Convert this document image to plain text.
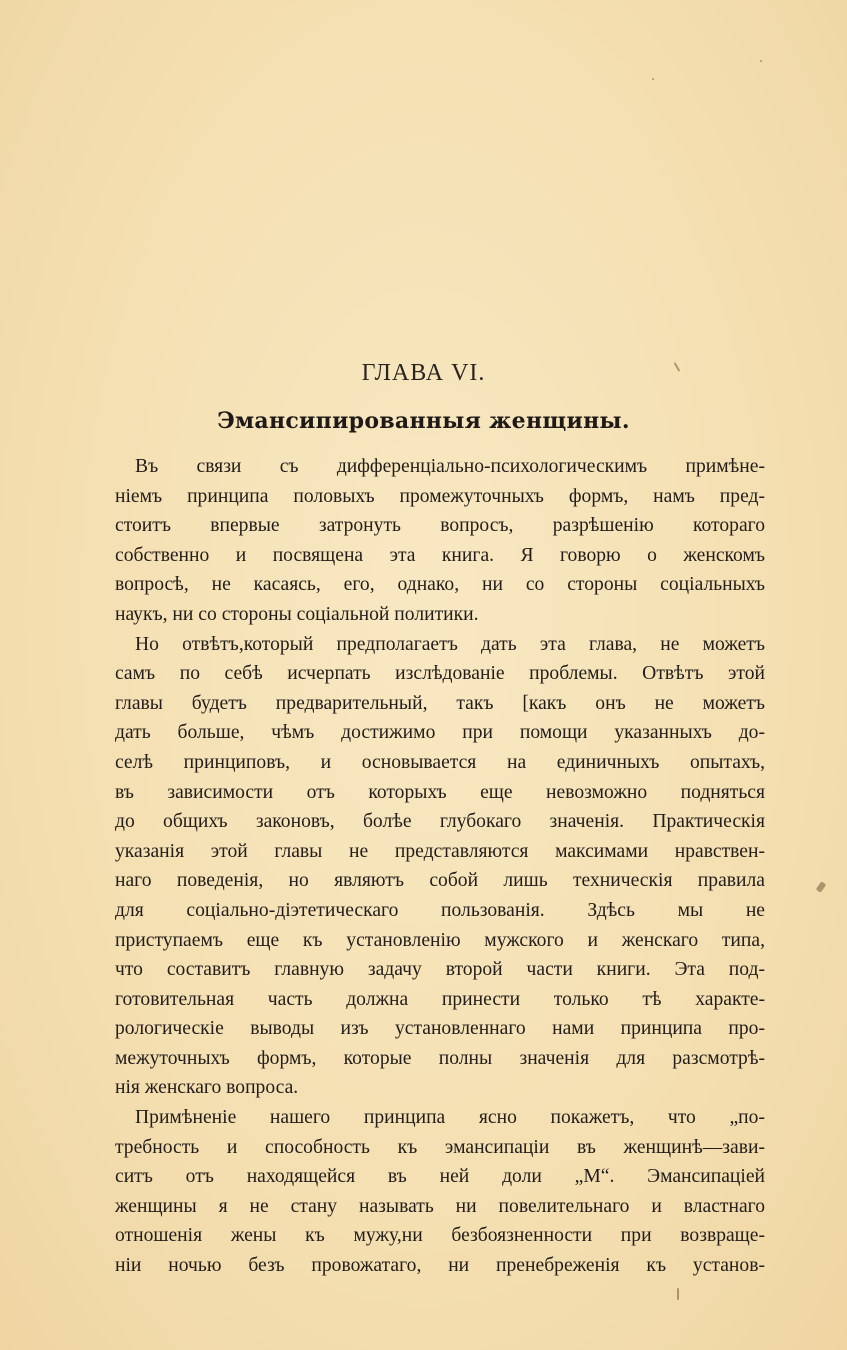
ГЛАВА VI.
Эмансипированныя женщины.
Въ связи съ дифференціально-психологическимъ примѣне-
ніемъ принципа половыхъ промежуточныхъ формъ, намъ пред-
стоитъ впервые затронуть вопросъ, разрѣшенію котораго
собственно и посвящена эта книга. Я говорю о женскомъ
вопросѣ, не касаясь, его, однако, ни со стороны соціальныхъ
наукъ, ни со стороны соціальной политики.
Но отвѣтъ,который предполагаетъ дать эта глава, не можетъ
самъ по себѣ исчерпать изслѣдованіе проблемы. Отвѣтъ этой
главы будетъ предварительный, такъ [какъ онъ не можетъ
дать больше, чѣмъ достижимо при помощи указанныхъ до-
селѣ принциповъ, и основывается на единичныхъ опытахъ,
въ зависимости отъ которыхъ еще невозможно подняться
до общихъ законовъ, болѣе глубокаго значенія. Практическія
указанія этой главы не представляются максимами нравствен-
наго поведенія, но являютъ собой лишь техническія правила
для соціально-діэтетическаго пользованія. Здѣсь мы не
приступаемъ еще къ установленію мужского и женскаго типа,
что составитъ главную задачу второй части книги. Эта под-
готовительная часть должна принести только тѣ характе-
рологическіе выводы изъ установленнаго нами принципа про-
межуточныхъ формъ, которые полны значенія для разсмотрѣ-
нія женскаго вопроса.
Примѣненіе нашего принципа ясно покажетъ, что „по-
требность и способность къ эмансипаціи въ женщинѣ—зави-
ситъ отъ находящейся въ ней доли „М“. Эмансипаціей
женщины я не стану называть ни повелительнаго и властнаго
отношенія жены къ мужу,ни безбоязненности при возвраще-
ніи ночью безъ провожатаго, ни пренебреженія къ установ-
